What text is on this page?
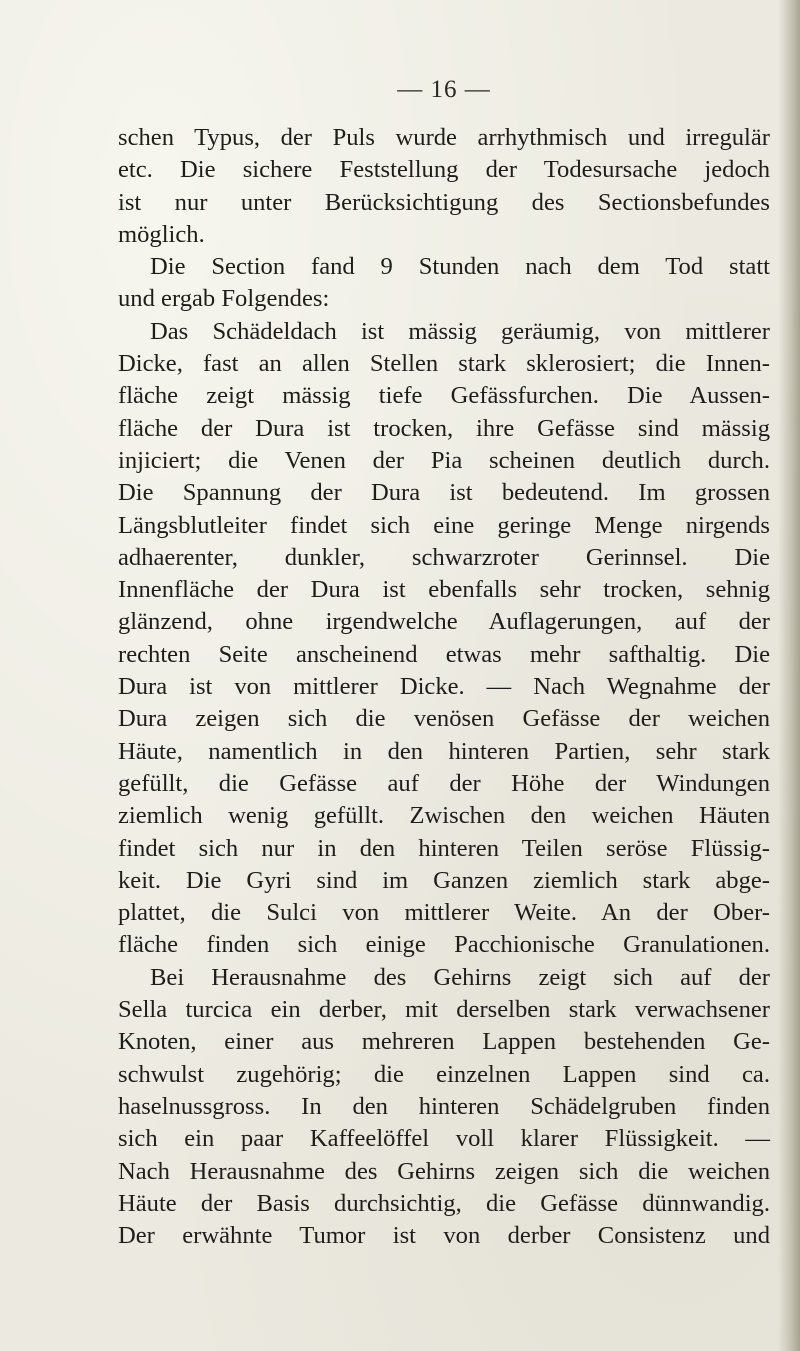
— 16 —
schen Typus, der Puls wurde arrhythmisch und irregulär
etc. Die sichere Feststellung der Todesursache jedoch
ist nur unter Berücksichtigung des Sectionsbefundes
möglich.
Die Section fand 9 Stunden nach dem Tod statt
und ergab Folgendes:
Das Schädeldach ist mässig geräumig, von mittlerer
Dicke, fast an allen Stellen stark sklerosiert; die Innen-
fläche zeigt mässig tiefe Gefässfurchen. Die Aussen-
fläche der Dura ist trocken, ihre Gefässe sind mässig
injiciert; die Venen der Pia scheinen deutlich durch.
Die Spannung der Dura ist bedeutend. Im grossen
Längsblutleiter findet sich eine geringe Menge nirgends
adhaerenter, dunkler, schwarzroter Gerinnsel. Die
Innenfläche der Dura ist ebenfalls sehr trocken, sehnig
glänzend, ohne irgendwelche Auflagerungen, auf der
rechten Seite anscheinend etwas mehr safthaltig. Die
Dura ist von mittlerer Dicke. — Nach Wegnahme der
Dura zeigen sich die venösen Gefässe der weichen
Häute, namentlich in den hinteren Partien, sehr stark
gefüllt, die Gefässe auf der Höhe der Windungen
ziemlich wenig gefüllt. Zwischen den weichen Häuten
findet sich nur in den hinteren Teilen seröse Flüssig-
keit. Die Gyri sind im Ganzen ziemlich stark abge-
plattet, die Sulci von mittlerer Weite. An der Ober-
fläche finden sich einige Pacchionische Granulationen.
Bei Herausnahme des Gehirns zeigt sich auf der
Sella turcica ein derber, mit derselben stark verwachsener
Knoten, einer aus mehreren Lappen bestehenden Ge-
schwulst zugehörig; die einzelnen Lappen sind ca.
haselnussgross. In den hinteren Schädelgruben finden
sich ein paar Kaffeelöffel voll klarer Flüssigkeit. —
Nach Herausnahme des Gehirns zeigen sich die weichen
Häute der Basis durchsichtig, die Gefässe dünnwandig.
Der erwähnte Tumor ist von derber Consistenz und
